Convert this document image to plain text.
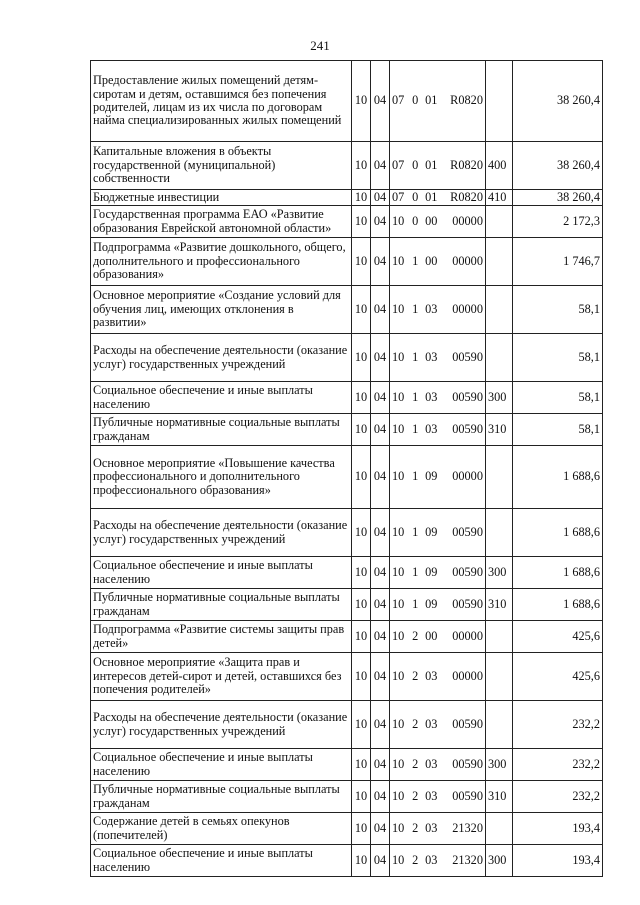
241
Предоставление жилых помещений детям-сиротам и детям, оставшимся без попечения родителей, лицам из их числа по договорам найма специализированных жилых помещений	10	04	07 0 01 R0820		38 260,4
Капитальные вложения в объекты государственной (муниципальной) собственности	10	04	07 0 01 R0820	400	38 260,4
Бюджетные инвестиции	10	04	07 0 01 R0820	410	38 260,4
Государственная программа ЕАО «Развитие образования Еврейской автономной области»	10	04	10 0 00 00000		2 172,3
Подпрограмма «Развитие дошкольного, общего, дополнительного и профессионального образования»	10	04	10 1 00 00000		1 746,7
Основное мероприятие «Создание условий для обучения лиц, имеющих отклонения в развитии»	10	04	10 1 03 00000		58,1
Расходы на обеспечение деятельности (оказание услуг) государственных учреждений	10	04	10 1 03 00590		58,1
Социальное обеспечение и иные выплаты населению	10	04	10 1 03 00590	300	58,1
Публичные нормативные социальные выплаты гражданам	10	04	10 1 03 00590	310	58,1
Основное мероприятие «Повышение качества профессионального и дополнительного профессионального образования»	10	04	10 1 09 00000		1 688,6
Расходы на обеспечение деятельности (оказание услуг) государственных учреждений	10	04	10 1 09 00590		1 688,6
Социальное обеспечение и иные выплаты населению	10	04	10 1 09 00590	300	1 688,6
Публичные нормативные социальные выплаты гражданам	10	04	10 1 09 00590	310	1 688,6
Подпрограмма «Развитие системы защиты прав детей»	10	04	10 2 00 00000		425,6
Основное мероприятие «Защита прав и интересов детей-сирот и детей, оставшихся без попечения родителей»	10	04	10 2 03 00000		425,6
Расходы на обеспечение деятельности (оказание услуг) государственных учреждений	10	04	10 2 03 00590		232,2
Социальное обеспечение и иные выплаты населению	10	04	10 2 03 00590	300	232,2
Публичные нормативные социальные выплаты гражданам	10	04	10 2 03 00590	310	232,2
Содержание детей в семьях опекунов (попечителей)	10	04	10 2 03 21320		193,4
Социальное обеспечение и иные выплаты населению	10	04	10 2 03 21320	300	193,4
